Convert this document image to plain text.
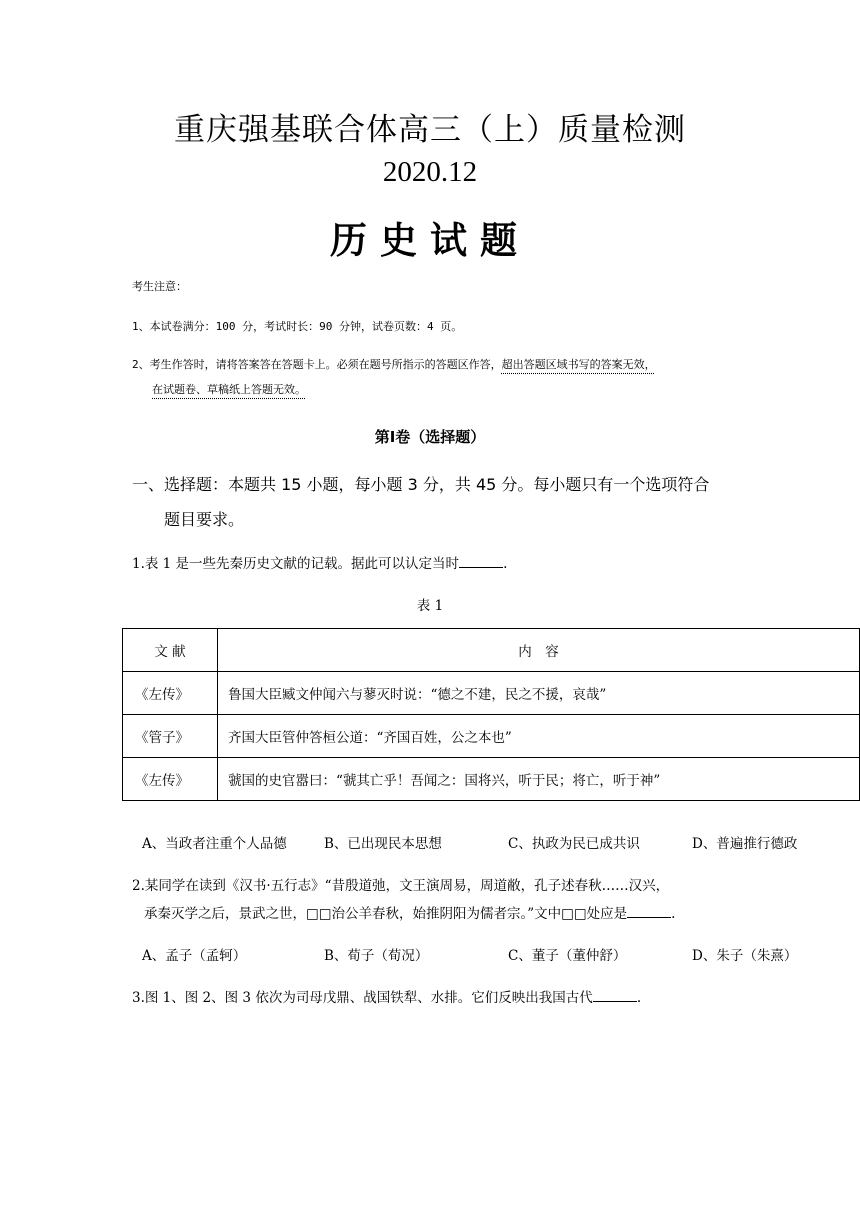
重庆强基联合体高三（上）质量检测
2020.12
历史试题
考生注意：
1、本试卷满分：100 分，考试时长：90 分钟，试卷页数：4 页。
2、考生作答时，请将答案答在答题卡上。必须在题号所指示的答题区作答，超出答题区域书写的答案无效，
在试题卷、草稿纸上答题无效。
第Ⅰ卷（选择题）
一、选择题：本题共 15 小题，每小题 3 分，共 45 分。每小题只有一个选项符合
题目要求。
1.表 1 是一些先秦历史文献的记载。据此可以认定当时	.
表 1
文 献	内　容
《左传》	鲁国大臣臧文仲闻六与蓼灭时说：“德之不建，民之不援，哀哉”
《管子》	齐国大臣管仲答桓公道：“齐国百姓，公之本也”
《左传》	虢国的史官嚣曰：“虢其亡乎！吾闻之：国将兴，听于民；将亡，听于神”
A、当政者注重个人品德	B、已出现民本思想	C、执政为民已成共识	D、普遍推行德政
2.某同学在读到《汉书·五行志》“昔殷道弛，文王演周易，周道敝，孔子述春秋……汉兴，
承秦灭学之后，景武之世，□□治公羊春秋，始推阴阳为儒者宗。”文中□□处应是	.
A、孟子（孟轲）	B、荀子（荀况）	C、董子（董仲舒）	D、朱子（朱熹）
3.图 1、图 2、图 3 依次为司母戊鼎、战国铁犁、水排。它们反映出我国古代	.
